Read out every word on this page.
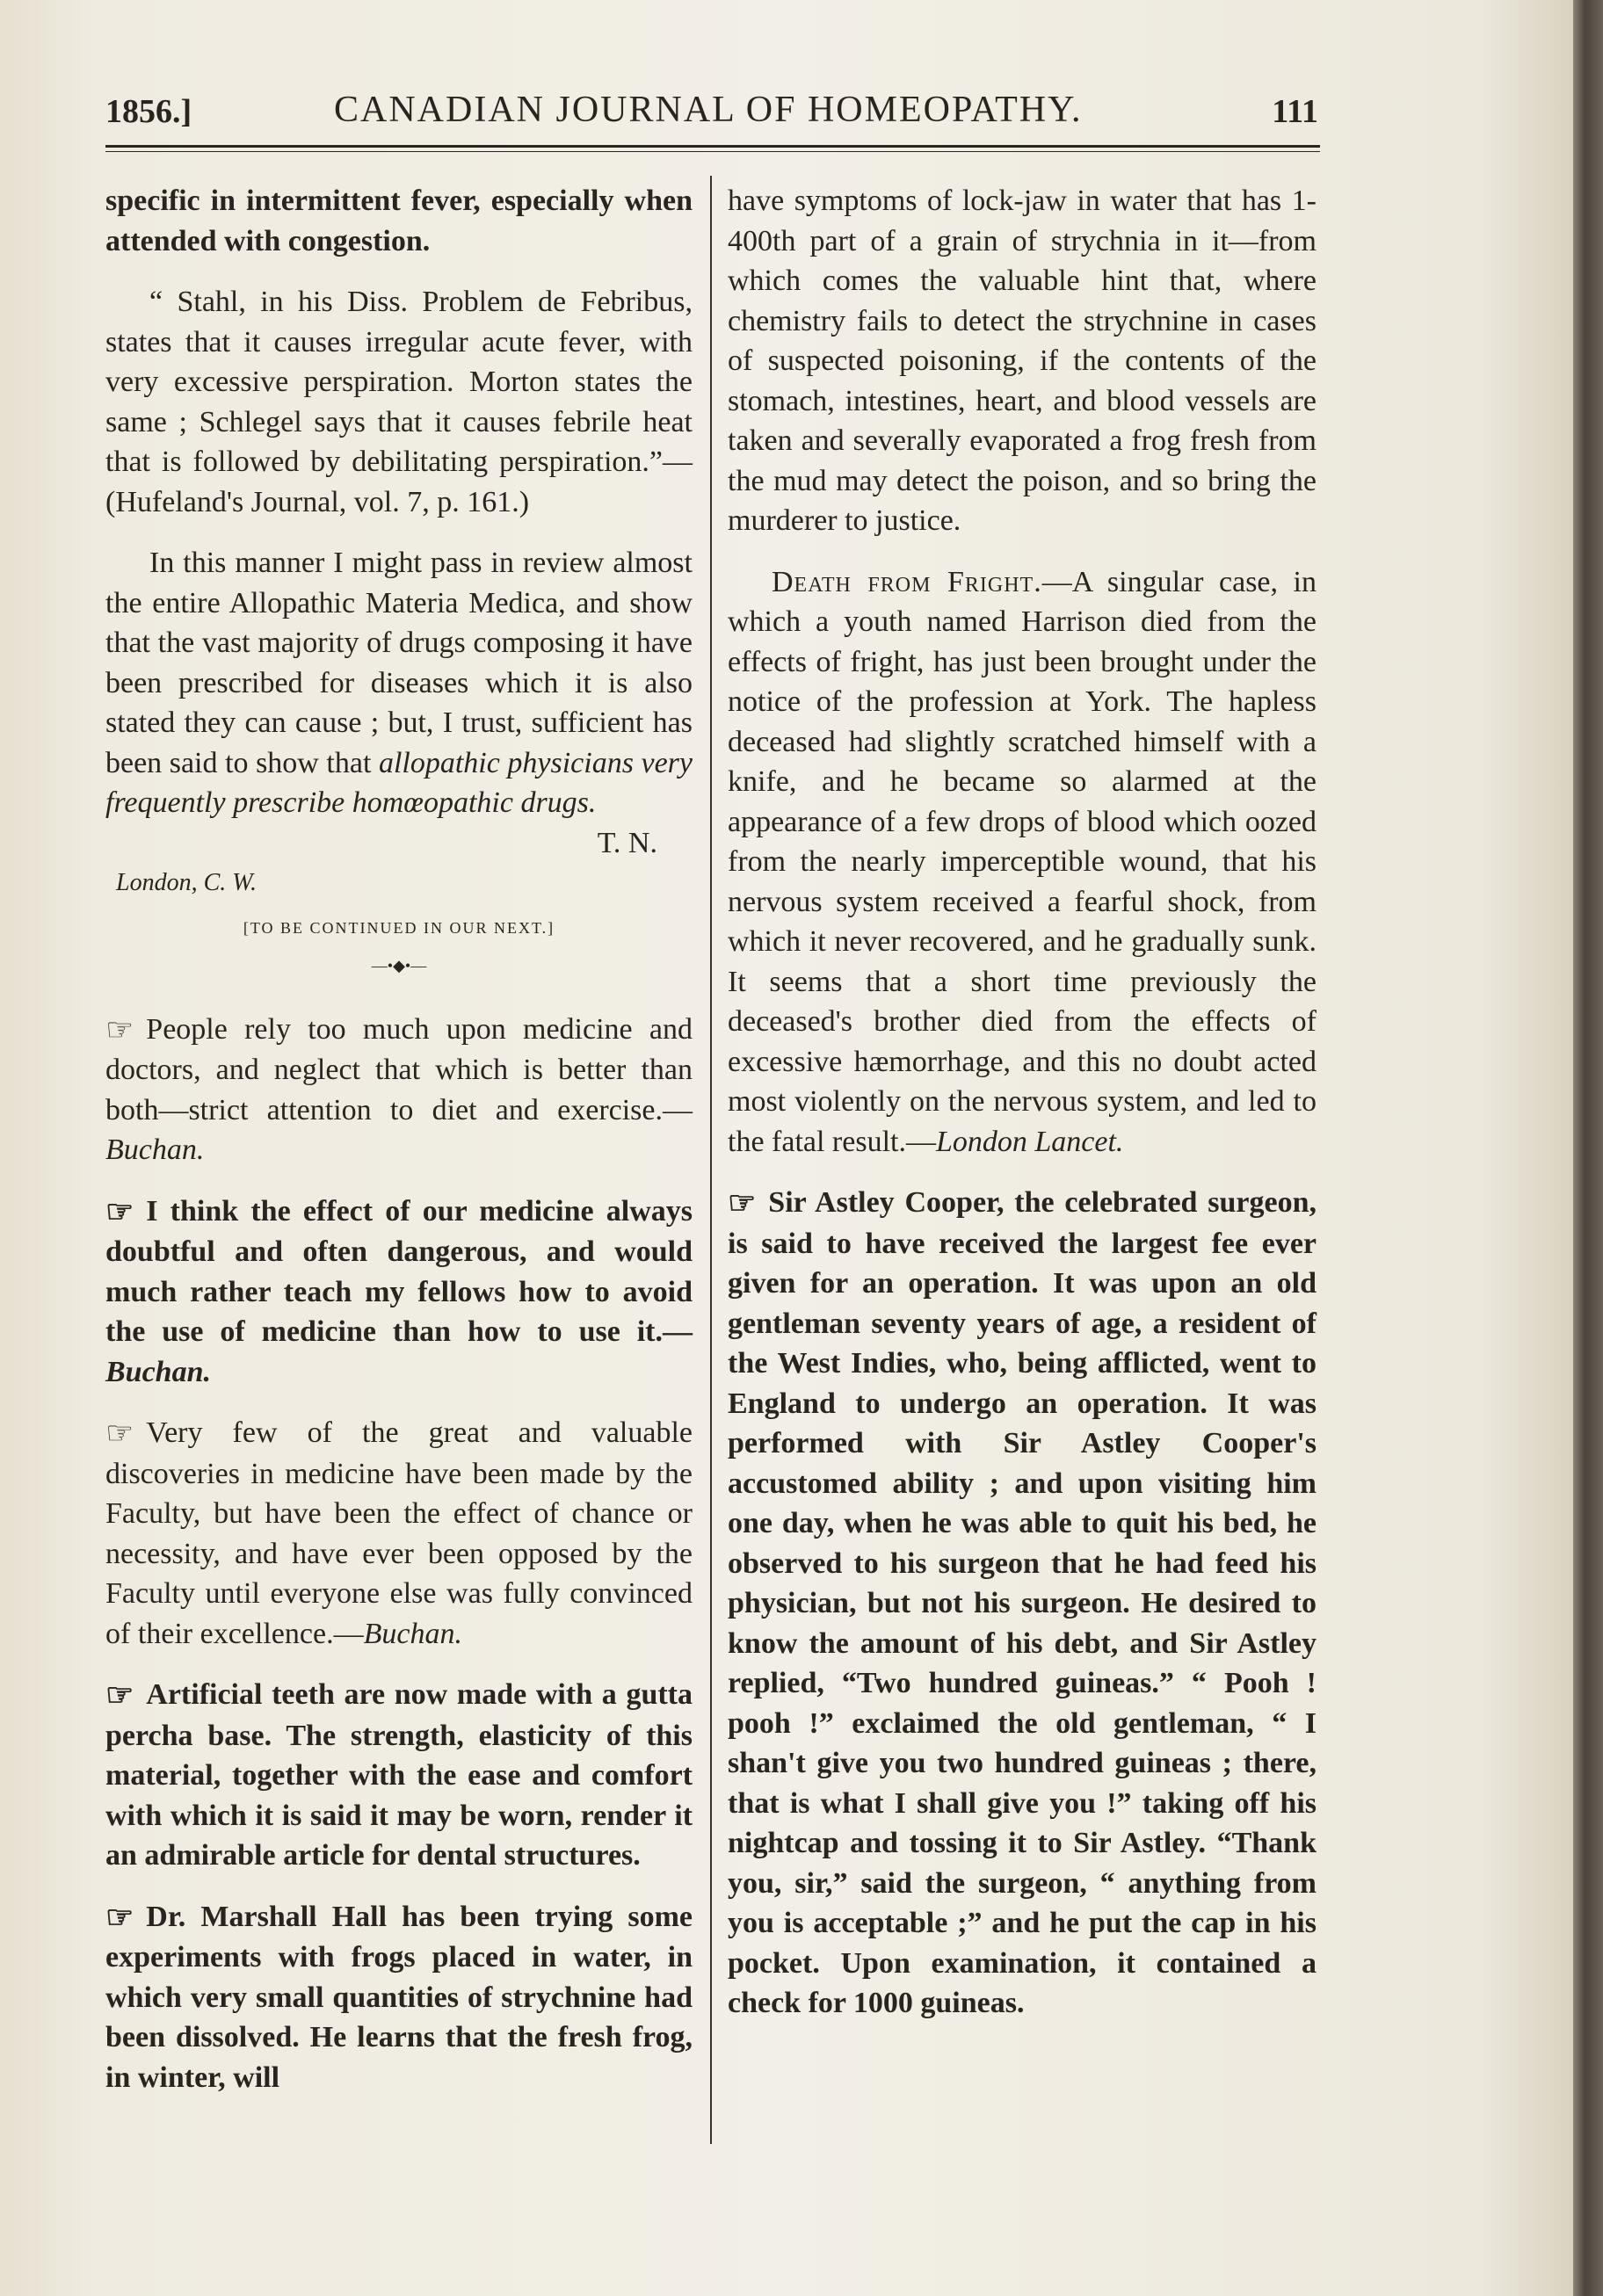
1856.]	CANADIAN JOURNAL OF HOMEOPATHY.	111

specific in intermittent fever, especially when attended with congestion.

“ Stahl, in his Diss. Problem de Febribus, states that it causes irregular acute fever, with very excessive perspiration. Morton states the same ; Schlegel says that it causes febrile heat that is followed by debilitating perspiration.”—(Hufeland's Journal, vol. 7, p. 161.)

In this manner I might pass in review almost the entire Allopathic Materia Medica, and show that the vast majority of drugs composing it have been prescribed for diseases which it is also stated they can cause ; but, I trust, sufficient has been said to show that allopathic physicians very frequently prescribe homœopathic drugs.

T. N.
London, C. W.
[TO BE CONTINUED IN OUR NEXT.]
—•◆•—

☞ People rely too much upon medicine and doctors, and neglect that which is better than both—strict attention to diet and exercise.—Buchan.

☞ I think the effect of our medicine always doubtful and often dangerous, and would much rather teach my fellows how to avoid the use of medicine than how to use it.—Buchan.

☞ Very few of the great and valuable discoveries in medicine have been made by the Faculty, but have been the effect of chance or necessity, and have ever been opposed by the Faculty until everyone else was fully convinced of their excellence.—Buchan.

☞ Artificial teeth are now made with a gutta percha base. The strength, elasticity of this material, together with the ease and comfort with which it is said it may be worn, render it an admirable article for dental structures.

☞ Dr. Marshall Hall has been trying some experiments with frogs placed in water, in which very small quantities of strychnine had been dissolved. He learns that the fresh frog, in winter, will

have symptoms of lock-jaw in water that has 1-400th part of a grain of strychnia in it—from which comes the valuable hint that, where chemistry fails to detect the strychnine in cases of suspected poisoning, if the contents of the stomach, intestines, heart, and blood vessels are taken and severally evaporated a frog fresh from the mud may detect the poison, and so bring the murderer to justice.

Death from Fright.—A singular case, in which a youth named Harrison died from the effects of fright, has just been brought under the notice of the profession at York. The hapless deceased had slightly scratched himself with a knife, and he became so alarmed at the appearance of a few drops of blood which oozed from the nearly imperceptible wound, that his nervous system received a fearful shock, from which it never recovered, and he gradually sunk. It seems that a short time previously the deceased's brother died from the effects of excessive hæmorrhage, and this no doubt acted most violently on the nervous system, and led to the fatal result.—London Lancet.

☞ Sir Astley Cooper, the celebrated surgeon, is said to have received the largest fee ever given for an operation. It was upon an old gentleman seventy years of age, a resident of the West Indies, who, being afflicted, went to England to undergo an operation. It was performed with Sir Astley Cooper's accustomed ability ; and upon visiting him one day, when he was able to quit his bed, he observed to his surgeon that he had feed his physician, but not his surgeon. He desired to know the amount of his debt, and Sir Astley replied, “Two hundred guineas.” “ Pooh ! pooh !” exclaimed the old gentleman, “ I shan't give you two hundred guineas ; there, that is what I shall give you !” taking off his nightcap and tossing it to Sir Astley. “Thank you, sir,” said the surgeon, “ anything from you is acceptable ;” and he put the cap in his pocket. Upon examination, it contained a check for 1000 guineas.
